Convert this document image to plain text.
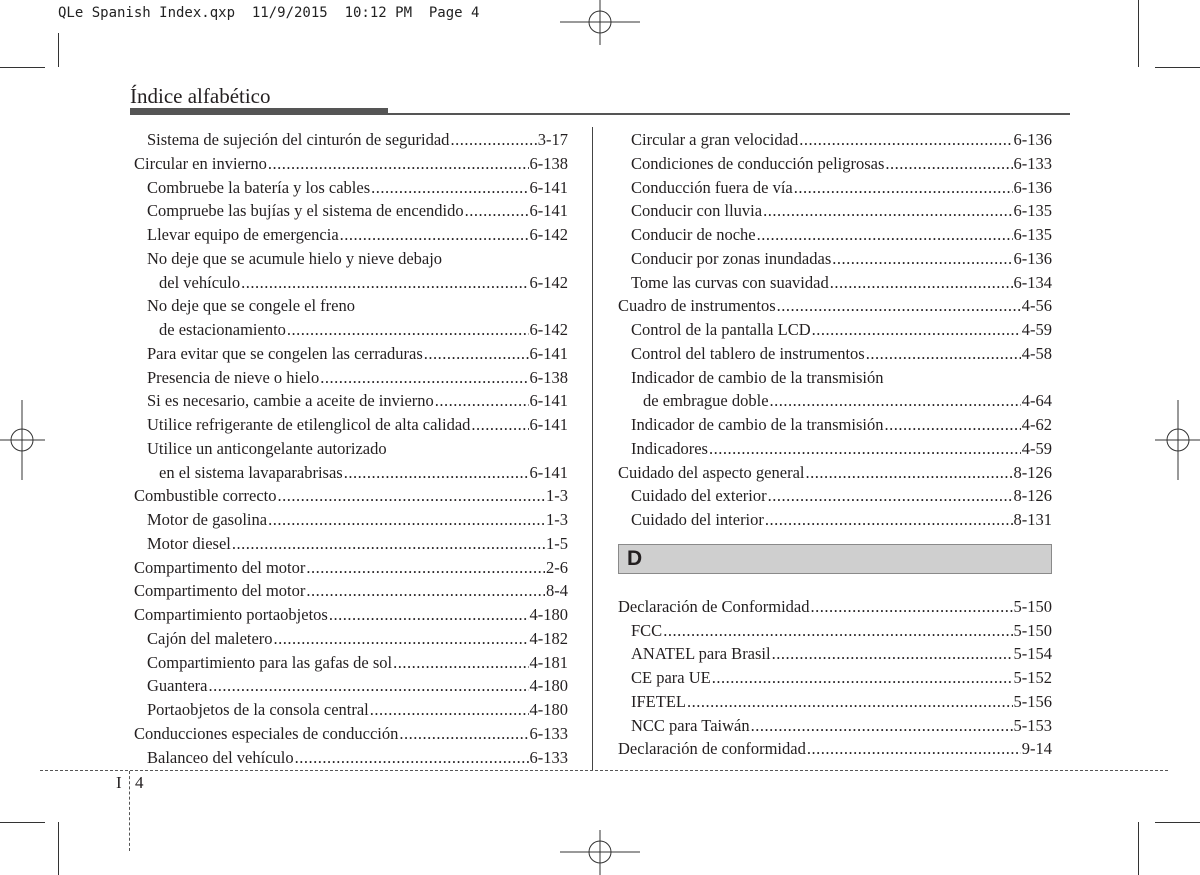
QLe Spanish Index.qxp  11/9/2015  10:12 PM  Page 4
Índice alfabético
Sistema de sujeción del cinturón de seguridad .....	3-17
Circular en invierno .....	6-138
Combruebe la batería y los cables .....	6-141
Compruebe las bujías y el sistema de encendido .....	6-141
Llevar equipo de emergencia .....	6-142
No deje que se acumule hielo y nieve debajo
del vehículo .....	6-142
No deje que se congele el freno
de estacionamiento .....	6-142
Para evitar que se congelen las cerraduras .....	6-141
Presencia de nieve o hielo .....	6-138
Si es necesario, cambie a aceite de invierno .....	6-141
Utilice refrigerante de etilenglicol de alta calidad .....	6-141
Utilice un anticongelante autorizado
en el sistema lavaparabrisas .....	6-141
Combustible correcto .....	1-3
Motor de gasolina .....	1-3
Motor diesel .....	1-5
Compartimento del motor .....	2-6
Compartimento del motor .....	8-4
Compartimiento portaobjetos .....	4-180
Cajón del maletero .....	4-182
Compartimiento para las gafas de sol .....	4-181
Guantera .....	4-180
Portaobjetos de la consola central .....	4-180
Conducciones especiales de conducción .....	6-133
Balanceo del vehículo .....	6-133
Circular a gran velocidad .....	6-136
Condiciones de conducción peligrosas .....	6-133
Conducción fuera de vía .....	6-136
Conducir con lluvia .....	6-135
Conducir de noche .....	6-135
Conducir por zonas inundadas .....	6-136
Tome las curvas con suavidad .....	6-134
Cuadro de instrumentos .....	4-56
Control de la pantalla LCD .....	4-59
Control del tablero de instrumentos .....	4-58
Indicador de cambio de la transmisión
de embrague doble .....	4-64
Indicador de cambio de la transmisión .....	4-62
Indicadores .....	4-59
Cuidado del aspecto general .....	8-126
Cuidado del exterior .....	8-126
Cuidado del interior .....	8-131
D
Declaración de Conformidad .....	5-150
FCC .....	5-150
ANATEL para Brasil .....	5-154
CE para UE .....	5-152
IFETEL .....	5-156
NCC para Taiwán .....	5-153
Declaración de conformidad .....	9-14
I 4
